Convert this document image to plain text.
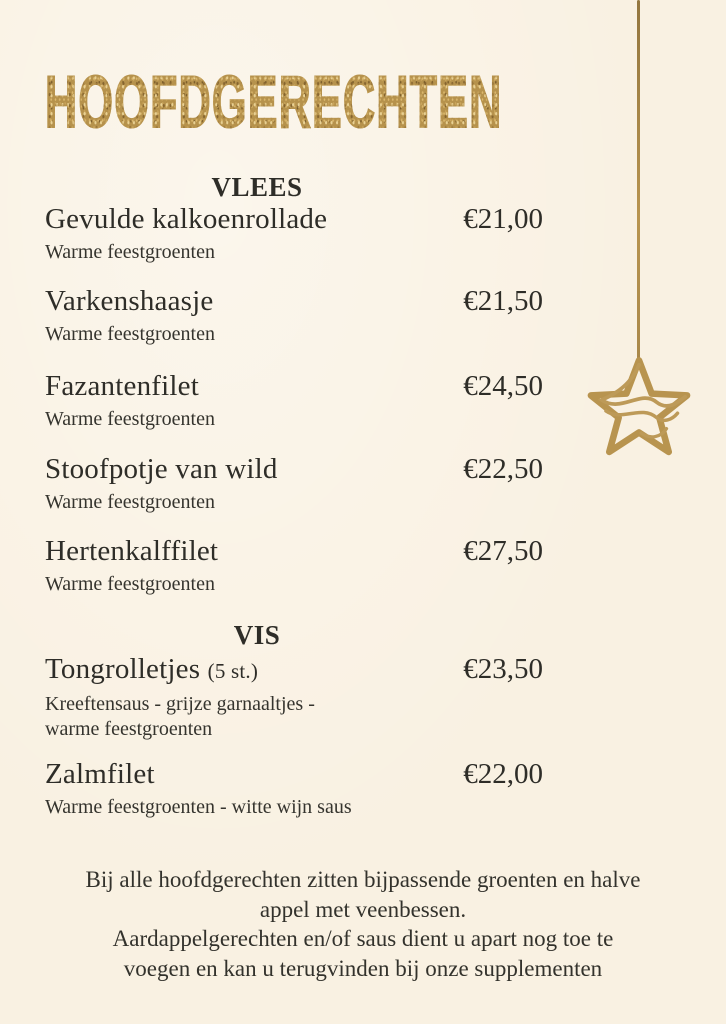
HOOFDGERECHTEN
VLEES
Gevulde kalkoenrollade	€21,00
Warme feestgroenten
Varkenshaasje	€21,50
Warme feestgroenten
Fazantenfilet	€24,50
Warme feestgroenten
Stoofpotje van wild	€22,50
Warme feestgroenten
Hertenkalffilet	€27,50
Warme feestgroenten
VIS
Tongrolletjes (5 st.)	€23,50
Kreeftensaus - grijze garnaaltjes -
warme feestgroenten
Zalmfilet	€22,00
Warme feestgroenten - witte wijn saus
Bij alle hoofdgerechten zitten bijpassende groenten en halve
appel met veenbessen.
Aardappelgerechten en/of saus dient u apart nog toe te
voegen en kan u terugvinden bij onze supplementen
